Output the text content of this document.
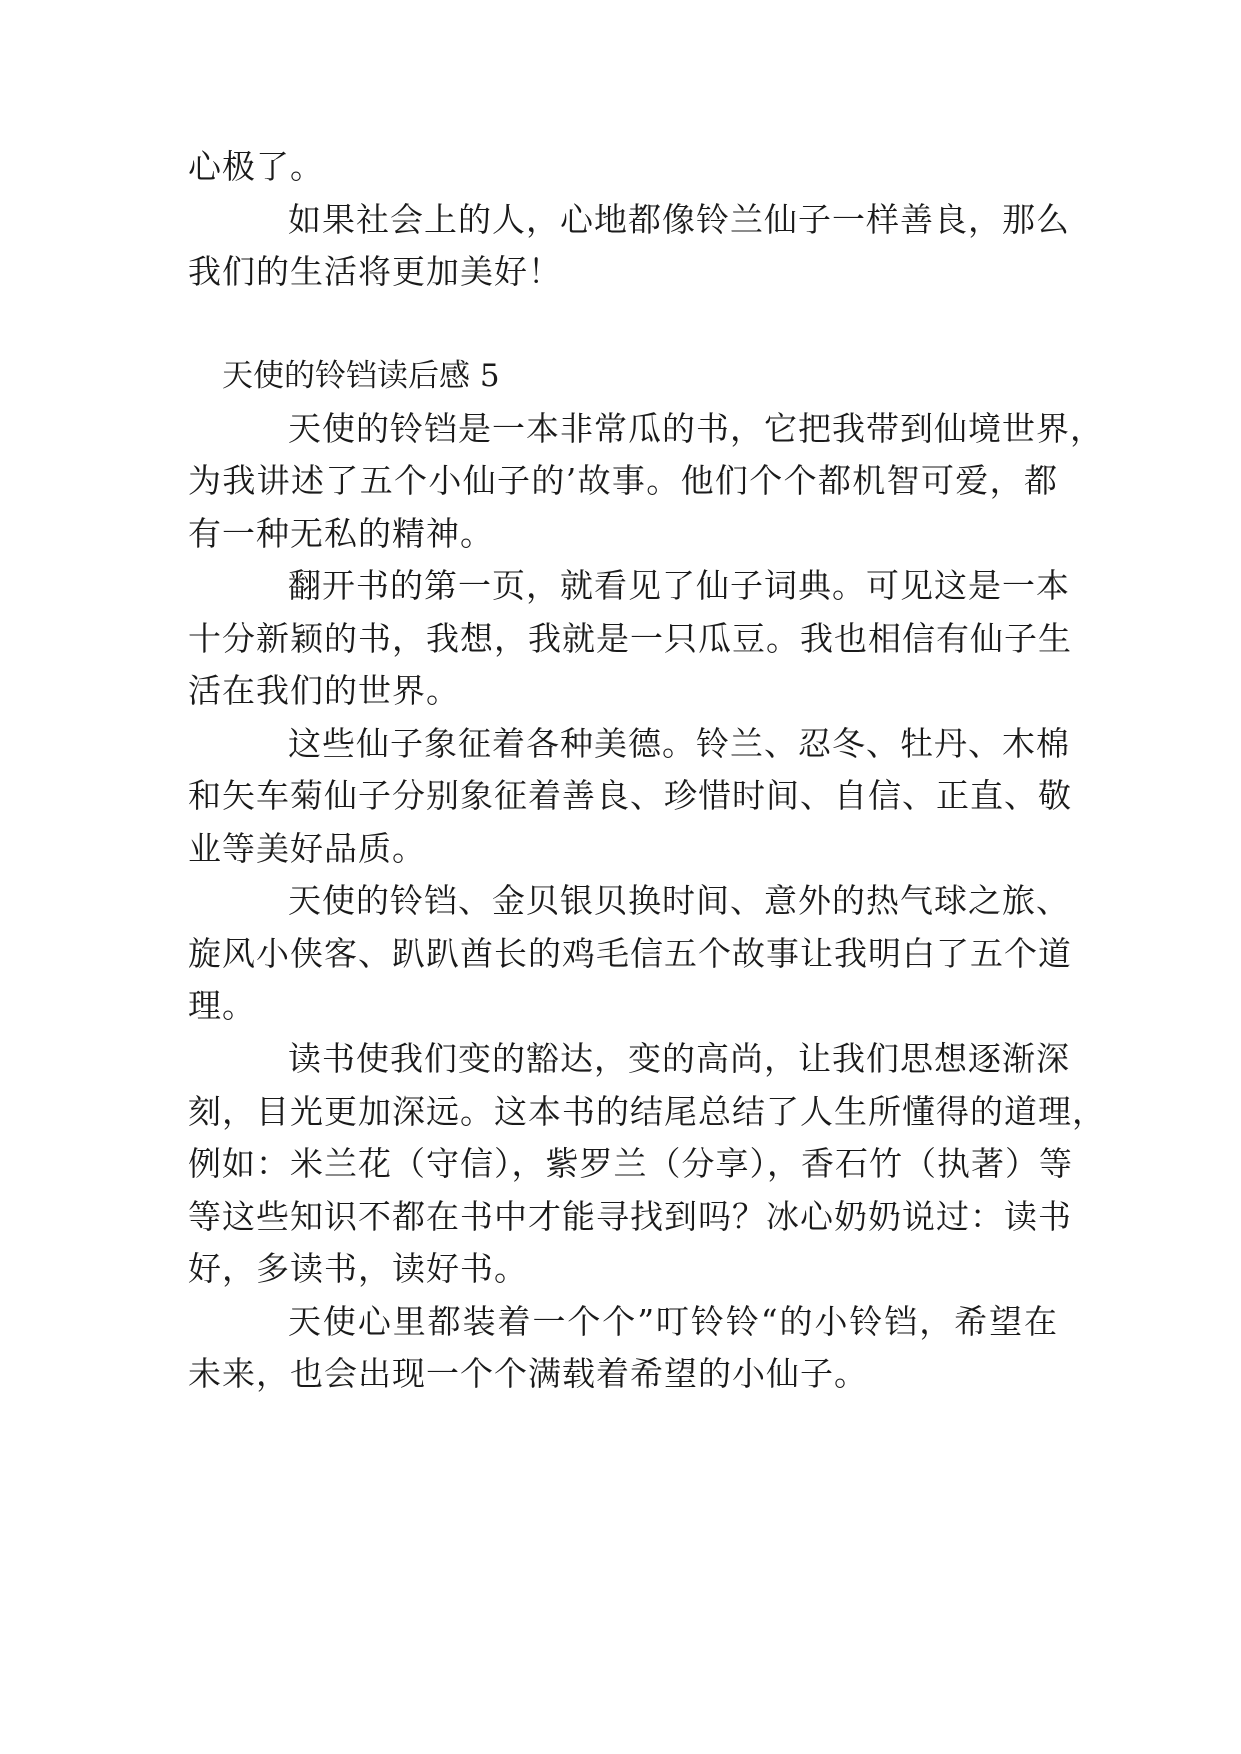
心极了。
如果社会上的人，心地都像铃兰仙子一样善良，那么
我们的生活将更加美好！
天使的铃铛读后感 5
天使的铃铛是一本非常瓜的书，它把我带到仙境世界，
为我讲述了五个小仙子的’故事。他们个个都机智可爱，都
有一种无私的精神。
翻开书的第一页，就看见了仙子词典。可见这是一本
十分新颖的书，我想，我就是一只瓜豆。我也相信有仙子生
活在我们的世界。
这些仙子象征着各种美德。铃兰、忍冬、牡丹、木棉
和矢车菊仙子分别象征着善良、珍惜时间、自信、正直、敬
业等美好品质。
天使的铃铛、金贝银贝换时间、意外的热气球之旅、
旋风小侠客、趴趴酋长的鸡毛信五个故事让我明白了五个道
理。
读书使我们变的豁达，变的高尚，让我们思想逐渐深
刻，目光更加深远。这本书的结尾总结了人生所懂得的道理，
例如：米兰花（守信），紫罗兰（分享），香石竹（执著）等
等这些知识不都在书中才能寻找到吗？冰心奶奶说过：读书
好，多读书，读好书。
天使心里都装着一个个”叮铃铃“的小铃铛，希望在
未来，也会出现一个个满载着希望的小仙子。
